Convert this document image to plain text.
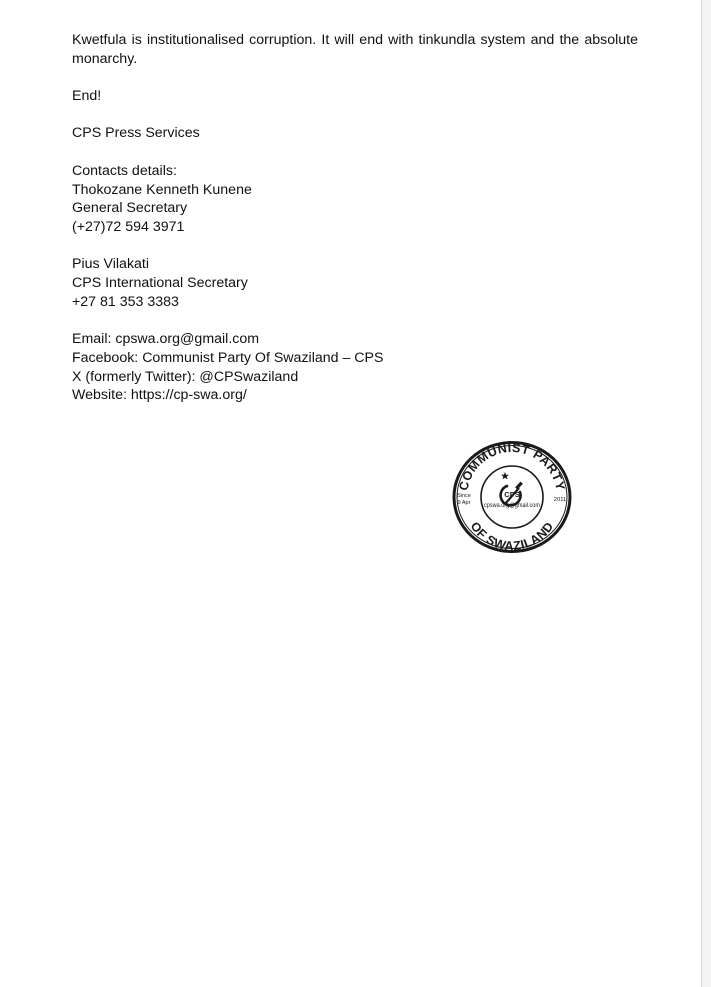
Kwetfula is institutionalised corruption. It will end with tinkundla system and the absolute monarchy.

End!
CPS Press Services
Contacts details:
Thokozane Kenneth Kunene
General Secretary
(+27)72 594 3971
Pius Vilakati
CPS International Secretary
+27 81 353 3383
Email: cpswa.org@gmail.com
Facebook: Communist Party Of Swaziland – CPS
X (formerly Twitter): @CPSwaziland
Website: https://cp-swa.org/
COMMUNIST PARTY
OF SWAZILAND
CPS
cpswa.org@gmail.com
Since
9 Apr	2011
